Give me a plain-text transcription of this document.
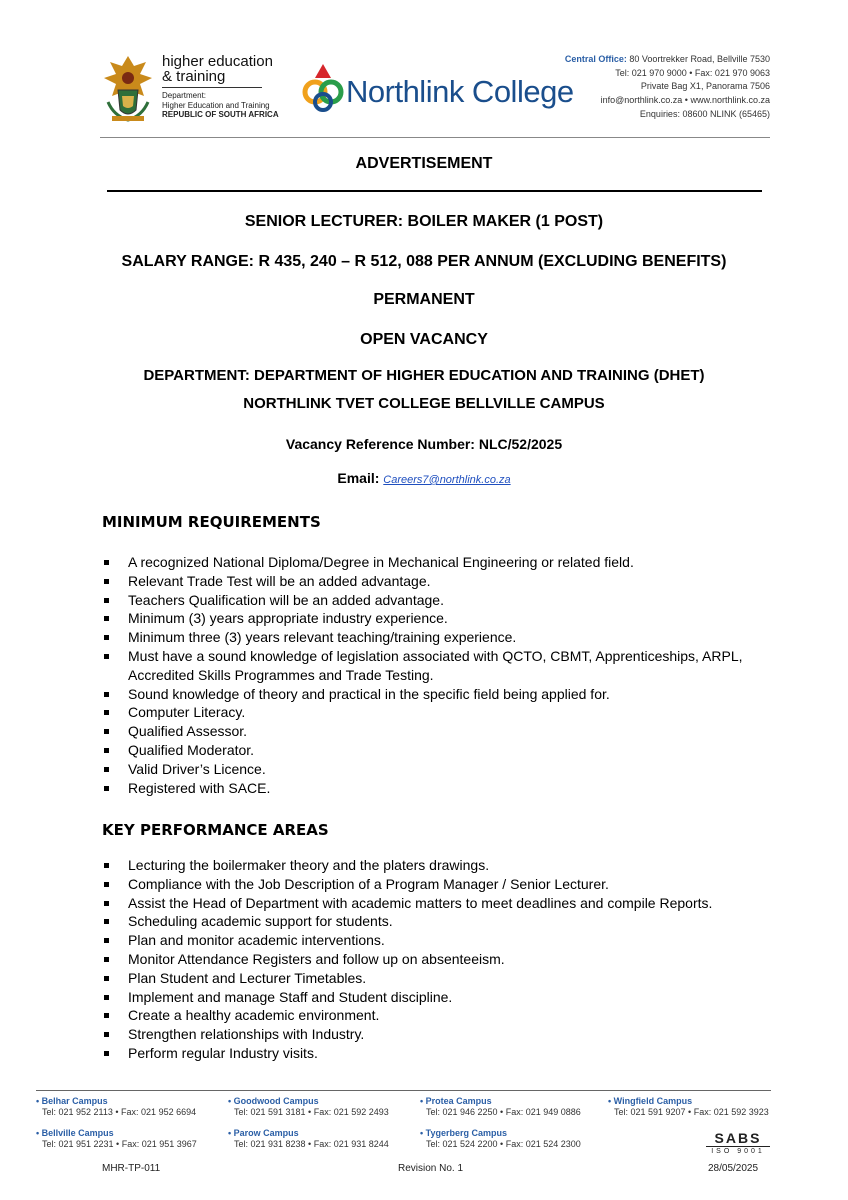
higher education
& training
Department:
Higher Education and Training
REPUBLIC OF SOUTH AFRICA
Northlink College
Central Office: 80 Voortrekker Road, Bellville 7530
Tel: 021 970 9000 • Fax: 021 970 9063
Private Bag X1, Panorama 7506
info@northlink.co.za • www.northlink.co.za
Enquiries: 08600 NLINK (65465)
ADVERTISEMENT
SENIOR LECTURER: BOILER MAKER (1 POST)
SALARY RANGE: R 435, 240 – R 512, 088 PER ANNUM (EXCLUDING BENEFITS)
PERMANENT
OPEN VACANCY
DEPARTMENT: DEPARTMENT OF HIGHER EDUCATION AND TRAINING (DHET)
NORTHLINK TVET COLLEGE BELLVILLE CAMPUS
Vacancy Reference Number: NLC/52/2025
Email: Careers7@northlink.co.za
MINIMUM REQUIREMENTS
A recognized National Diploma/Degree in Mechanical Engineering or related field.
Relevant Trade Test will be an added advantage.
Teachers Qualification will be an added advantage.
Minimum (3) years appropriate industry experience.
Minimum three (3) years relevant teaching/training experience.
Must have a sound knowledge of legislation associated with QCTO, CBMT, Apprenticeships, ARPL, Accredited Skills Programmes and Trade Testing.
Sound knowledge of theory and practical in the specific field being applied for.
Computer Literacy.
Qualified Assessor.
Qualified Moderator.
Valid Driver’s Licence.
Registered with SACE.
KEY PERFORMANCE AREAS
Lecturing the boilermaker theory and the platers drawings.
Compliance with the Job Description of a Program Manager / Senior Lecturer.
Assist the Head of Department with academic matters to meet deadlines and compile Reports.
Scheduling academic support for students.
Plan and monitor academic interventions.
Monitor Attendance Registers and follow up on absenteeism.
Plan Student and Lecturer Timetables.
Implement and manage Staff and Student discipline.
Create a healthy academic environment.
Strengthen relationships with Industry.
Perform regular Industry visits.
• Belhar Campus
Tel: 021 952 2113 • Fax: 021 952 6694
• Goodwood Campus
Tel: 021 591 3181 • Fax: 021 592 2493
• Protea Campus
Tel: 021 946 2250 • Fax: 021 949 0886
• Wingfield Campus
Tel: 021 591 9207 • Fax: 021 592 3923
• Bellville Campus
Tel: 021 951 2231 • Fax: 021 951 3967
• Parow Campus
Tel: 021 931 8238 • Fax: 021 931 8244
• Tygerberg Campus
Tel: 021 524 2200 • Fax: 021 524 2300	SABS
ISO 9001
MHR-TP-011	Revision No. 1	28/05/2025
